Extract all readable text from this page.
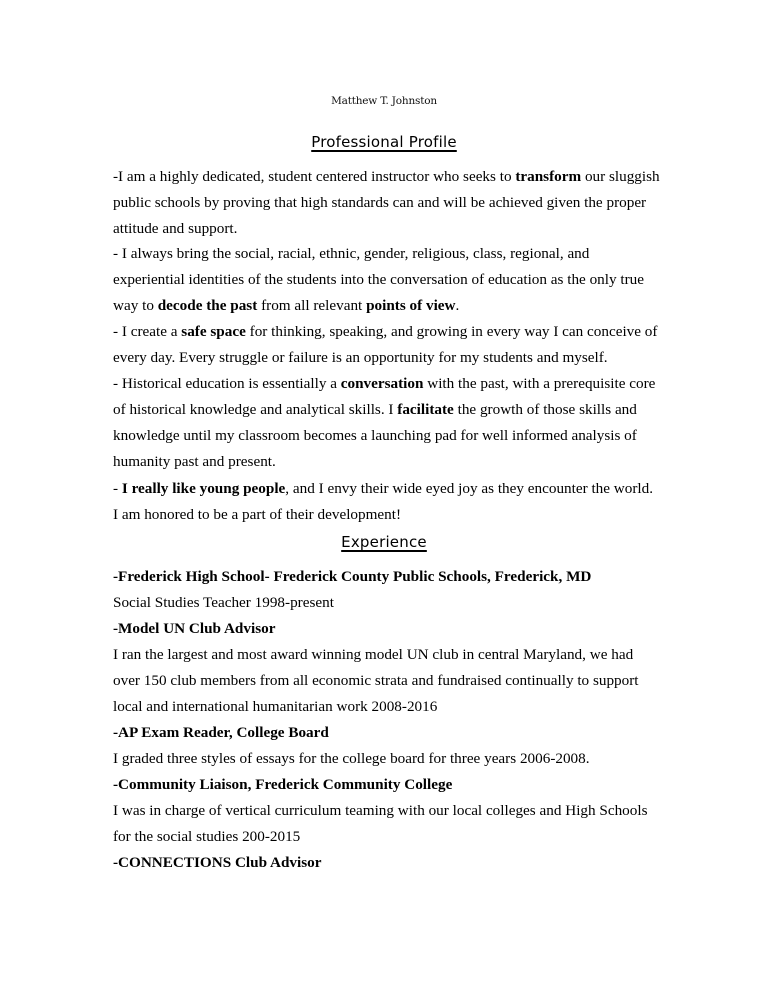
Matthew T. Johnston
Professional Profile
-I am a highly dedicated, student centered instructor who seeks to transform our sluggish
public schools by proving that high standards can and will be achieved given the proper
attitude and support.
- I always bring the social, racial, ethnic, gender, religious, class, regional, and
experiential identities of the students into the conversation of education as the only true
way to decode the past from all relevant points of view.
- I create a safe space for thinking, speaking, and growing in every way I can conceive of
every day. Every struggle or failure is an opportunity for my students and myself.
- Historical education is essentially a conversation with the past, with a prerequisite core
of historical knowledge and analytical skills. I facilitate the growth of those skills and
knowledge until my classroom becomes a launching pad for well informed analysis of
humanity past and present.
- I really like young people, and I envy their wide eyed joy as they encounter the world.
I am honored to be a part of their development!
Experience
-Frederick High School- Frederick County Public Schools, Frederick, MD
Social Studies Teacher 1998-present
-Model UN Club Advisor
I ran the largest and most award winning model UN club in central Maryland, we had
over 150 club members from all economic strata and fundraised continually to support
local and international humanitarian work 2008-2016
-AP Exam Reader, College Board
I graded three styles of essays for the college board for three years 2006-2008.
-Community Liaison, Frederick Community College
I was in charge of vertical curriculum teaming with our local colleges and High Schools
for the social studies 200-2015
-CONNECTIONS Club Advisor
